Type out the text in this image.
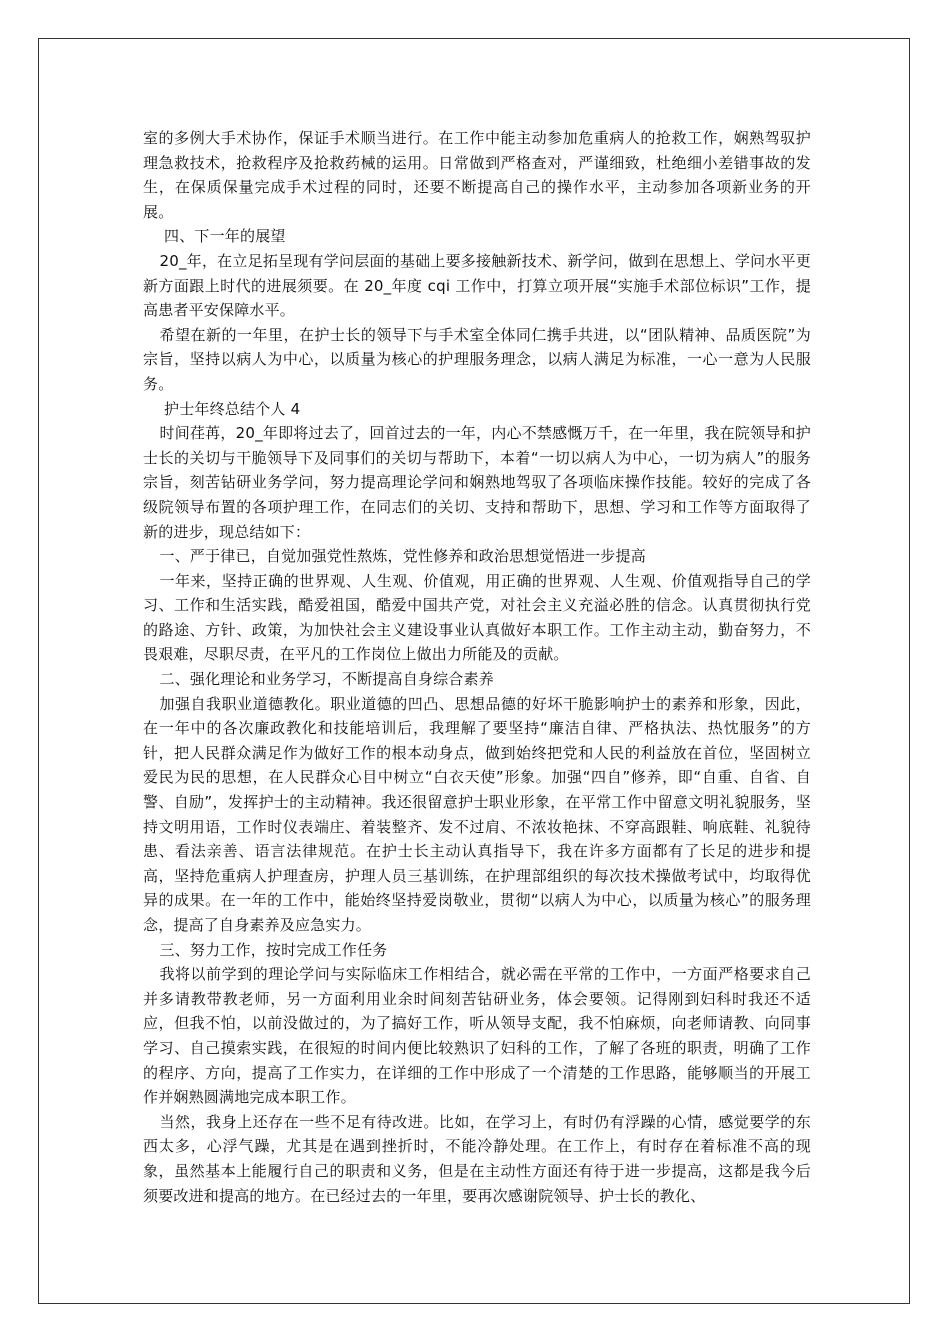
室的多例大手术协作，保证手术顺当进行。在工作中能主动参加危重病人的抢救工作，娴熟驾驭护理急救技术，抢救程序及抢救药械的运用。日常做到严格查对，严谨细致，杜绝细小差错事故的发生，在保质保量完成手术过程的同时，还要不断提高自己的操作水平，主动参加各项新业务的开展。

四、下一年的展望

20_年，在立足拓呈现有学问层面的基础上要多接触新技术、新学问，做到在思想上、学问水平更新方面跟上时代的进展须要。在 20_年度 cqi 工作中，打算立项开展“实施手术部位标识”工作，提高患者平安保障水平。

希望在新的一年里，在护士长的领导下与手术室全体同仁携手共进，以“团队精神、品质医院”为宗旨，坚持以病人为中心，以质量为核心的护理服务理念，以病人满足为标准，一心一意为人民服务。

护士年终总结个人 4

时间荏苒，20_年即将过去了，回首过去的一年，内心不禁感慨万千，在一年里，我在院领导和护士长的关切与干脆领导下及同事们的关切与帮助下，本着“一切以病人为中心，一切为病人”的服务宗旨，刻苦钻研业务学问，努力提高理论学问和娴熟地驾驭了各项临床操作技能。较好的完成了各级院领导布置的各项护理工作，在同志们的关切、支持和帮助下，思想、学习和工作等方面取得了新的进步，现总结如下：

一、严于律已，自觉加强党性熬炼，党性修养和政治思想觉悟进一步提高

一年来，坚持正确的世界观、人生观、价值观，用正确的世界观、人生观、价值观指导自己的学习、工作和生活实践，酷爱祖国，酷爱中国共产党，对社会主义充溢必胜的信念。认真贯彻执行党的路途、方针、政策，为加快社会主义建设事业认真做好本职工作。工作主动主动，勤奋努力，不畏艰难，尽职尽责，在平凡的工作岗位上做出力所能及的贡献。

二、强化理论和业务学习，不断提高自身综合素养

加强自我职业道德教化。职业道德的凹凸、思想品德的好坏干脆影响护士的素养和形象，因此，在一年中的各次廉政教化和技能培训后，我理解了要坚持“廉洁自律、严格执法、热忱服务”的方针，把人民群众满足作为做好工作的根本动身点，做到始终把党和人民的利益放在首位，坚固树立爱民为民的思想，在人民群众心目中树立“白衣天使”形象。加强“四自”修养，即“自重、自省、自警、自励”，发挥护士的主动精神。我还很留意护士职业形象，在平常工作中留意文明礼貌服务，坚持文明用语，工作时仪表端庄、着装整齐、发不过肩、不浓妆艳抹、不穿高跟鞋、响底鞋、礼貌待患、看法亲善、语言法律规范。在护士长主动认真指导下，我在许多方面都有了长足的进步和提高，坚持危重病人护理查房，护理人员三基训练，在护理部组织的每次技术操做考试中，均取得优异的成果。在一年的工作中，能始终坚持爱岗敬业，贯彻“以病人为中心，以质量为核心”的服务理念，提高了自身素养及应急实力。

三、努力工作，按时完成工作任务

我将以前学到的理论学问与实际临床工作相结合，就必需在平常的工作中，一方面严格要求自己并多请教带教老师，另一方面利用业余时间刻苦钻研业务，体会要领。记得刚到妇科时我还不适应，但我不怕，以前没做过的，为了搞好工作，听从领导支配，我不怕麻烦，向老师请教、向同事学习、自己摸索实践，在很短的时间内便比较熟识了妇科的工作，了解了各班的职责，明确了工作的程序、方向，提高了工作实力，在详细的工作中形成了一个清楚的工作思路，能够顺当的开展工作并娴熟圆满地完成本职工作。

当然，我身上还存在一些不足有待改进。比如，在学习上，有时仍有浮躁的心情，感觉要学的东西太多，心浮气躁，尤其是在遇到挫折时，不能冷静处理。在工作上，有时存在着标准不高的现象，虽然基本上能履行自己的职责和义务，但是在主动性方面还有待于进一步提高，这都是我今后须要改进和提高的地方。在已经过去的一年里，要再次感谢院领导、护士长的教化、
